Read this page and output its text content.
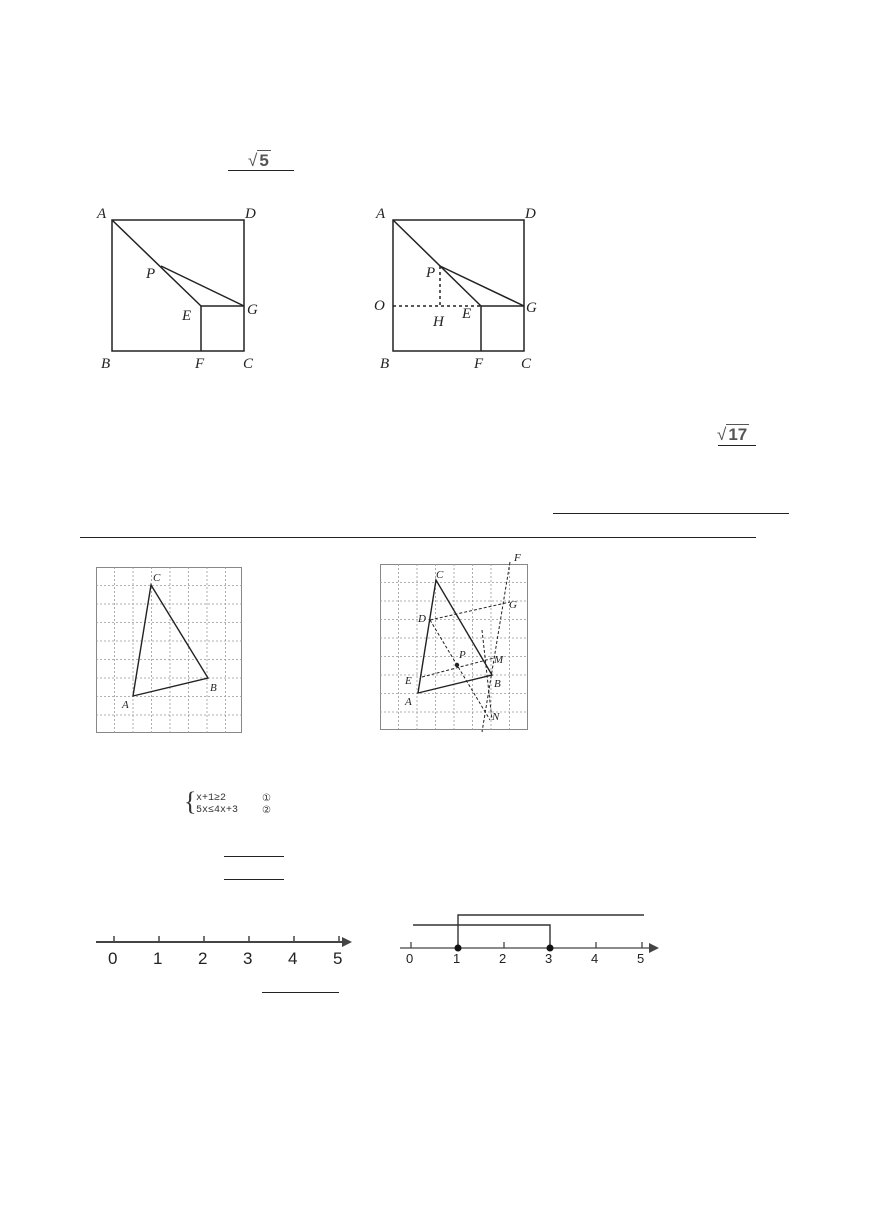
√ 5
A	D
P
E	G
B	F	C
A	D
P
O
H E	G
B	F	C
√ 17
C
B
A
F
C
G
D
P	M
E	B
A
N
{ x+1≥2
5x≤4x+3
①
②
0 1 2 3 4 5	0	1	2	3	4	5
